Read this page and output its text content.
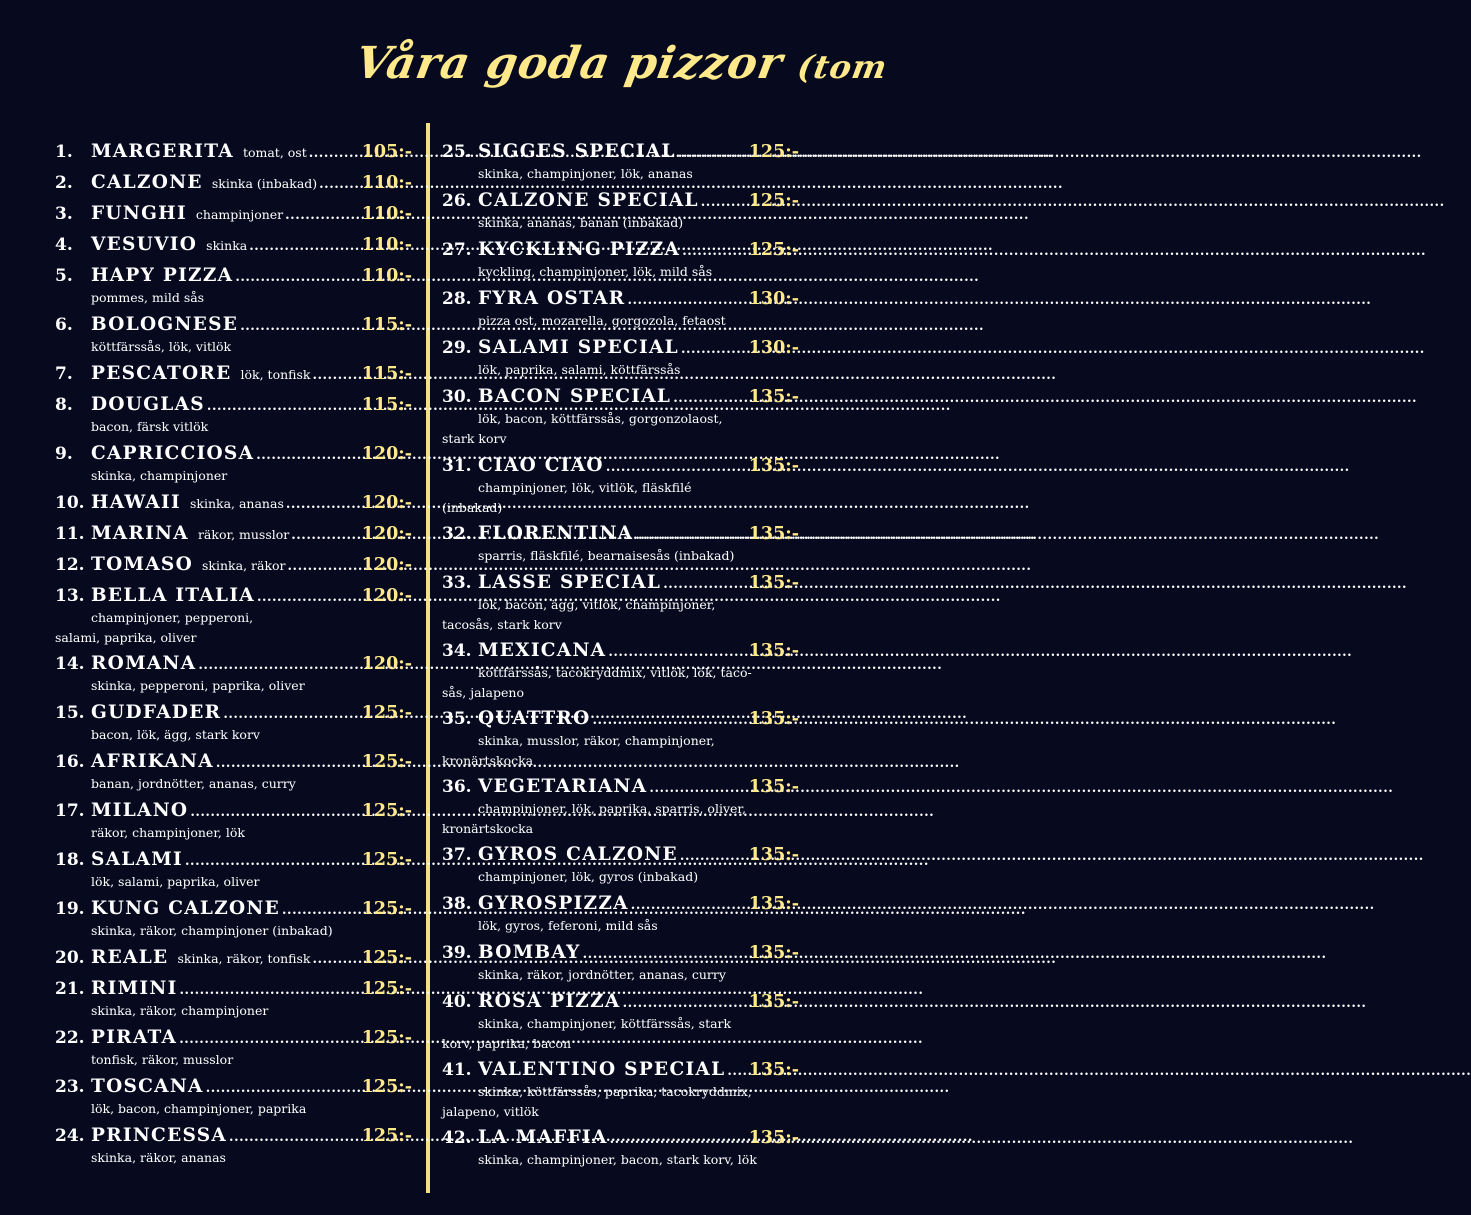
Våra goda pizzor (tom
1. MARGERITA tomat, ost .....	105:-
2. CALZONE skinka (inbakad) .....	110:-
3. FUNGHI champinjoner .....	110:-
4. VESUVIO skinka .....	110:-
5. HAPY PIZZA .....	110:-
pommes, mild sås
6. BOLOGNESE .....	115:-
köttfärssås, lök, vitlök
7. PESCATORE lök, tonfisk .....	115:-
8. DOUGLAS .....	115:-
bacon, färsk vitlök
9. CAPRICCIOSA .....	120:-
skinka, champinjoner
10. HAWAII skinka, ananas .....	120:-
11. MARINA räkor, musslor .....	120:-
12. TOMASO skinka, räkor .....	120:-
13. BELLA ITALIA .....	120:-
champinjoner, pepperoni,
salami, paprika, oliver
14. ROMANA .....	120:-
skinka, pepperoni, paprika, oliver
15. GUDFADER .....	125:-
bacon, lök, ägg, stark korv
16. AFRIKANA .....	125:-
banan, jordnötter, ananas, curry
17. MILANO .....	125:-
räkor, champinjoner, lök
18. SALAMI .....	125:-
lök, salami, paprika, oliver
19. KUNG CALZONE .....	125:-
skinka, räkor, champinjoner (inbakad)
20. REALE skinka, räkor, tonfisk .....	125:-
21. RIMINI .....	125:-
skinka, räkor, champinjoner
22. PIRATA .....	125:-
tonfisk, räkor, musslor
23. TOSCANA .....	125:-
lök, bacon, champinjoner, paprika
24. PRINCESSA .....	125:-
skinka, räkor, ananas
25. SIGGES SPECIAL .....	125:-
skinka, champinjoner, lök, ananas
26. CALZONE SPECIAL .....	125:-
skinka, ananas, banan (inbakad)
27. KYCKLING PIZZA .....	125:-
kyckling, champinjoner, lök, mild sås
28. FYRA OSTAR .....	130:-
pizza ost, mozarella, gorgozola, fetaost
29. SALAMI SPECIAL .....	130:-
lök, paprika, salami, köttfärssås
30. BACON SPECIAL .....	135:-
lök, bacon, köttfärssås, gorgonzolaost,
stark korv
31. CIAO CIAO .....	135:-
champinjoner, lök, vitlök, fläskfilé
(inbakad)
32. FLORENTINA .....	135:-
sparris, fläskfilé, bearnaisesås (inbakad)
33. LASSE SPECIAL .....	135:-
lök, bacon, ägg, vitlök, champinjoner,
tacosås, stark korv
34. MEXICANA .....	135:-
köttfärssås, tacokryddmix, vitlök, lök, taco-
sås, jalapeno
35. QUATTRO .....	135:-
skinka, musslor, räkor, champinjoner,
kronärtskocka
36. VEGETARIANA .....	135:-
champinjoner, lök, paprika, sparris, oliver,
kronärtskocka
37. GYROS CALZONE .....	135:-
champinjoner, lök, gyros (inbakad)
38. GYROSPIZZA .....	135:-
lök, gyros, feferoni, mild sås
39. BOMBAY .....	135:-
skinka, räkor, jordnötter, ananas, curry
40. ROSA PIZZA .....	135:-
skinka, champinjoner, köttfärssås, stark
korv, paprika, bacon
41. VALENTINO SPECIAL ..... 135:-
skinka, köttfärssås, paprika, tacokryddmix,
jalapeno, vitlök
42. LA MAFFIA .....	135:-
skinka, champinjoner, bacon, stark korv, lök
